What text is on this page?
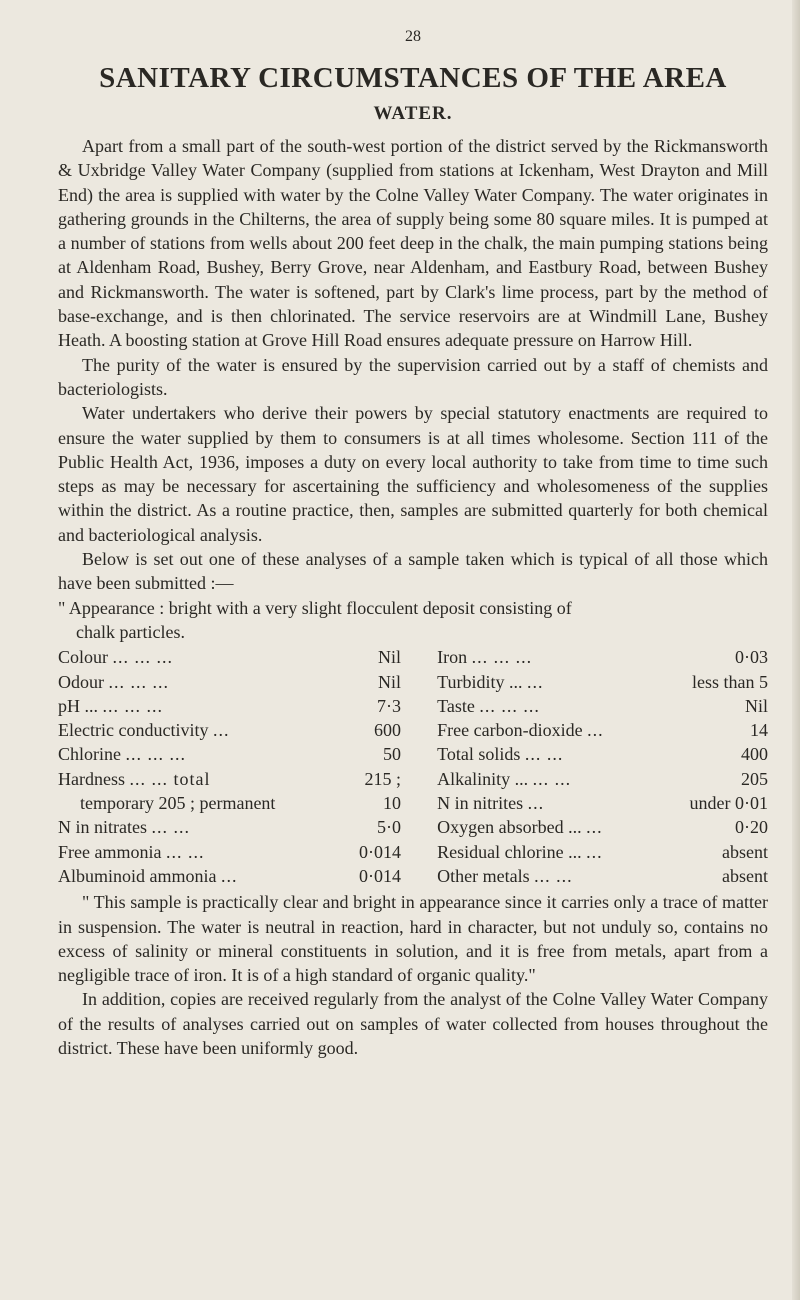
28
SANITARY CIRCUMSTANCES OF THE AREA
WATER.

Apart from a small part of the south-west portion of the district served by the Rickmansworth & Uxbridge Valley Water Company (supplied from stations at Ickenham, West Drayton and Mill End) the area is supplied with water by the Colne Valley Water Company. The water originates in gathering grounds in the Chilterns, the area of supply being some 80 square miles. It is pumped at a number of stations from wells about 200 feet deep in the chalk, the main pumping stations being at Aldenham Road, Bushey, Berry Grove, near Aldenham, and Eastbury Road, between Bushey and Rickmansworth. The water is softened, part by Clark's lime process, part by the method of base-exchange, and is then chlorinated. The service reservoirs are at Windmill Lane, Bushey Heath. A boosting station at Grove Hill Road ensures adequate pressure on Harrow Hill.

The purity of the water is ensured by the supervision carried out by a staff of chemists and bacteriologists.

Water undertakers who derive their powers by special statutory enactments are required to ensure the water supplied by them to consumers is at all times wholesome. Section 111 of the Public Health Act, 1936, imposes a duty on every local authority to take from time to time such steps as may be necessary for ascertaining the sufficiency and wholesomeness of the supplies within the district. As a routine practice, then, samples are submitted quarterly for both chemical and bacteriological analysis.

Below is set out one of these analyses of a sample taken which is typical of all those which have been submitted :—

" Appearance : bright with a very slight flocculent deposit consisting of
chalk particles.

Colour ... ... ...	Nil		Iron ... ... ...	0·03
Odour ... ... ...	Nil		Turbidity ... ...	less than 5
pH ... ... ... ...	7·3		Taste ... ... ...	Nil
Electric conductivity ...	600		Free carbon-dioxide ...	14
Chlorine ... ... ...	50		Total solids ... ...	400
Hardness ... ... total	215 ;		Alkalinity ... ... ...	205
temporary 205 ; permanent	10		N in nitrites ...	under 0·01
N in nitrates ... ...	5·0		Oxygen absorbed ... ...	0·20
Free ammonia ... ...	0·014		Residual chlorine ... ...	absent
Albuminoid ammonia ...	0·014		Other metals ... ...	absent

" This sample is practically clear and bright in appearance since it carries only a trace of matter in suspension. The water is neutral in reaction, hard in character, but not unduly so, contains no excess of salinity or mineral constituents in solution, and it is free from metals, apart from a negligible trace of iron. It is of a high standard of organic quality."

In addition, copies are received regularly from the analyst of the Colne Valley Water Company of the results of analyses carried out on samples of water collected from houses throughout the district. These have been uniformly good.
